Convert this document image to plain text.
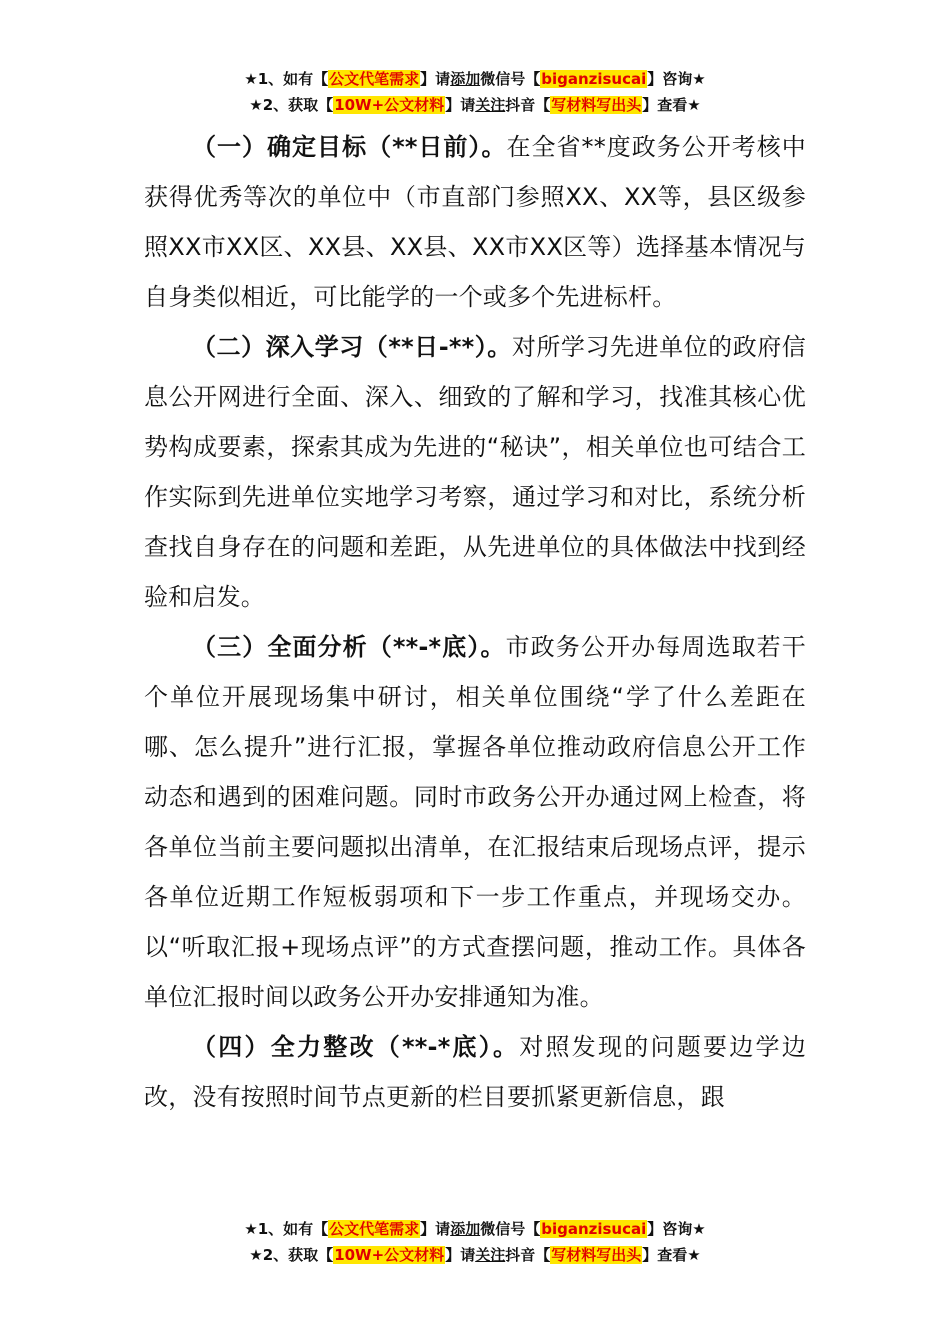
★1、如有【公文代笔需求】请添加微信号【biganzisucai】咨询★
★2、获取【10W+公文材料】请关注抖音【写材料写出头】查看★

（一）确定目标（**日前）。在全省**度政务公开考核中获得优秀等次的单位中（市直部门参照XX、XX等，县区级参照XX市XX区、XX县、XX县、XX市XX区等）选择基本情况与自身类似相近，可比能学的一个或多个先进标杆。

（二）深入学习（**日-**）。对所学习先进单位的政府信息公开网进行全面、深入、细致的了解和学习，找准其核心优势构成要素，探索其成为先进的“秘诀”，相关单位也可结合工作实际到先进单位实地学习考察，通过学习和对比，系统分析查找自身存在的问题和差距，从先进单位的具体做法中找到经验和启发。

（三）全面分析（**-*底）。市政务公开办每周选取若干个单位开展现场集中研讨，相关单位围绕“学了什么差距在哪、怎么提升”进行汇报，掌握各单位推动政府信息公开工作动态和遇到的困难问题。同时市政务公开办通过网上检查，将各单位当前主要问题拟出清单，在汇报结束后现场点评，提示各单位近期工作短板弱项和下一步工作重点，并现场交办。以“听取汇报+现场点评”的方式查摆问题，推动工作。具体各单位汇报时间以政务公开办安排通知为准。

（四）全力整改（**-*底）。对照发现的问题要边学边改，没有按照时间节点更新的栏目要抓紧更新信息，跟

★1、如有【公文代笔需求】请添加微信号【biganzisucai】咨询★
★2、获取【10W+公文材料】请关注抖音【写材料写出头】查看★
